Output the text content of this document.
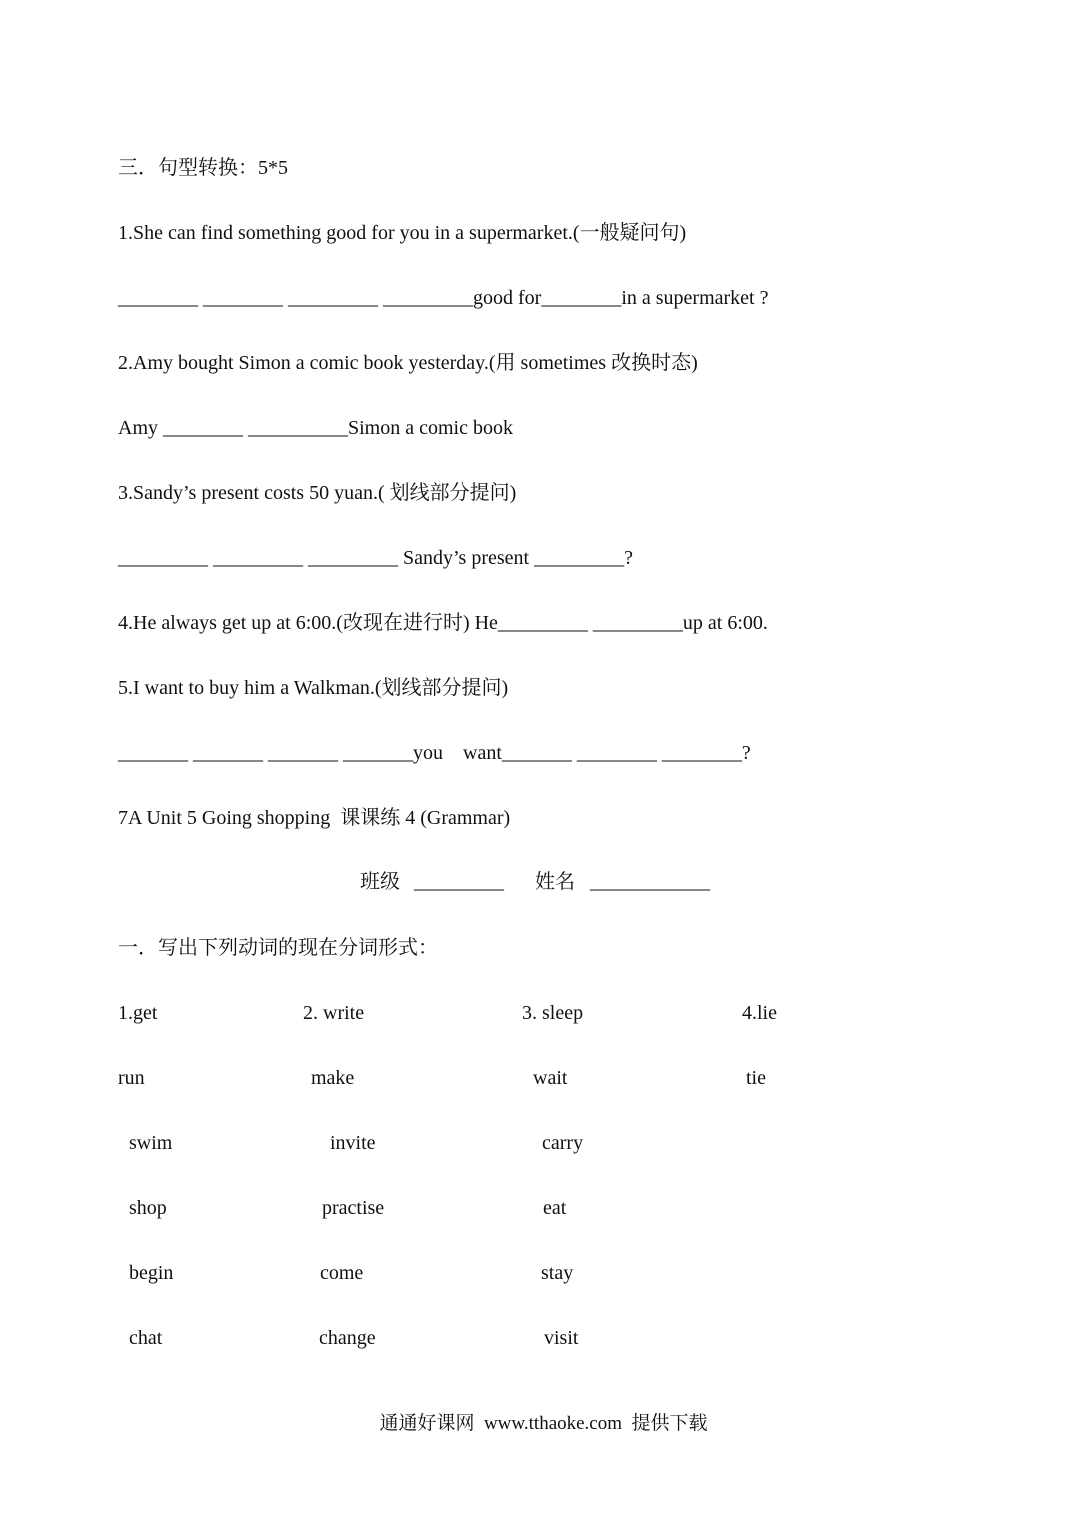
三．句型转换：5*5
1.She can find something good for you in a supermarket.(一般疑问句)
________ ________ _________ _________good for________in a supermarket ?
2.Amy bought Simon a comic book yesterday.(用 sometimes 改换时态)
Amy ________ __________Simon a comic book
3.Sandy’s present costs 50 yuan.( 划线部分提问)
_________ _________ _________ Sandy’s present _________?
4.He always get up at 6:00.(改现在进行时) He_________ _________up at 6:00.
5.I want to buy him a Walkman.(划线部分提问)
_______ _______ _______ _______you    want_______ ________ ________?
7A Unit 5 Going shopping  课课练 4 (Grammar)
班级 _________ 姓名 ____________
一．写出下列动词的现在分词形式：
1.get	2. write	3. sleep	4.lie
run	make	wait	tie
swim	invite	carry
shop	practise	eat
begin	come	stay
chat	change	visit
通通好课网  www.tthaoke.com  提供下载
